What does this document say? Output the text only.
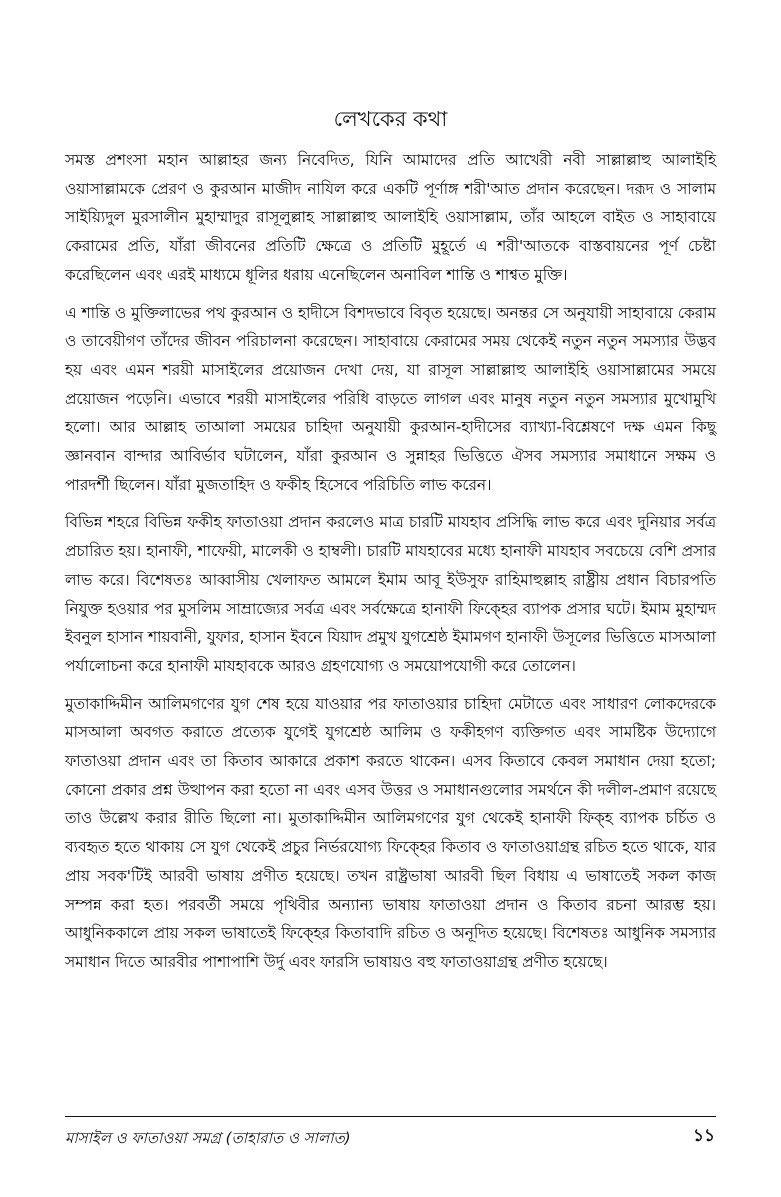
লেখকের কথা

সমস্ত প্রশংসা মহান আল্লাহর জন্য নিবেদিত, যিনি আমাদের প্রতি আখেরী নবী সাল্লাল্লাহু আলাইহি ওয়াসাল্লামকে প্রেরণ ও কুরআন মাজীদ নাযিল করে একটি পূর্ণাঙ্গ শরী'আত প্রদান করেছেন। দরূদ ও সালাম সাইয়্যিদুল মুরসালীন মুহাম্মাদুর রাসূলুল্লাহ সাল্লাল্লাহু আলাইহি ওয়াসাল্লাম, তাঁর আহলে বাইত ও সাহাবায়ে কেরামের প্রতি, যাঁরা জীবনের প্রতিটি ক্ষেত্রে ও প্রতিটি মুহূর্তে এ শরী'আতকে বাস্তবায়নের পূর্ণ চেষ্টা করেছিলেন এবং এরই মাধ্যমে ধূলির ধরায় এনেছিলেন অনাবিল শান্তি ও শাশ্বত মুক্তি।

এ শান্তি ও মুক্তিলাভের পথ কুরআন ও হাদীসে বিশদভাবে বিবৃত হয়েছে। অনন্তর সে অনুযায়ী সাহাবায়ে কেরাম ও তাবেয়ীগণ তাঁদের জীবন পরিচালনা করেছেন। সাহাবায়ে কেরামের সময় থেকেই নতুন নতুন সমস্যার উদ্ভব হয় এবং এমন শরয়ী মাসাইলের প্রয়োজন দেখা দেয়, যা রাসূল সাল্লাল্লাহু আলাইহি ওয়াসাল্লামের সময়ে প্রয়োজন পড়েনি। এভাবে শরয়ী মাসাইলের পরিধি বাড়তে লাগল এবং মানুষ নতুন নতুন সমস্যার মুখোমুখি হলো। আর আল্লাহ তাআলা সময়ের চাহিদা অনুযায়ী কুরআন-হাদীসের ব্যাখ্যা-বিশ্লেষণে দক্ষ এমন কিছু জ্ঞানবান বান্দার আবির্ভাব ঘটালেন, যাঁরা কুরআন ও সুন্নাহর ভিত্তিতে ঐসব সমস্যার সমাধানে সক্ষম ও পারদর্শী ছিলেন। যাঁরা মুজতাহিদ ও ফকীহ হিসেবে পরিচিতি লাভ করেন।

বিভিন্ন শহরে বিভিন্ন ফকীহ ফাতাওয়া প্রদান করলেও মাত্র চারটি মাযহাব প্রসিদ্ধি লাভ করে এবং দুনিয়ার সর্বত্র প্রচারিত হয়। হানাফী, শাফেয়ী, মালেকী ও হাম্বলী। চারটি মাযহাবের মধ্যে হানাফী মাযহাব সবচেয়ে বেশি প্রসার লাভ করে। বিশেষতঃ আব্বাসীয় খেলাফত আমলে ইমাম আবূ ইউসুফ রাহিমাহুল্লাহ রাষ্ট্রীয় প্রধান বিচারপতি নিযুক্ত হওয়ার পর মুসলিম সাম্রাজ্যের সর্বত্র এবং সর্বক্ষেত্রে হানাফী ফিক্হের ব্যাপক প্রসার ঘটে। ইমাম মুহাম্মদ ইবনুল হাসান শায়বানী, যুফার, হাসান ইবনে যিয়াদ প্রমুখ যুগশ্রেষ্ঠ ইমামগণ হানাফী উসূলের ভিত্তিতে মাসআলা পর্যালোচনা করে হানাফী মাযহাবকে আরও গ্রহণযোগ্য ও সময়োপযোগী করে তোলেন।

মুতাকাদ্দিমীন আলিমগণের যুগ শেষ হয়ে যাওয়ার পর ফাতাওয়ার চাহিদা মেটাতে এবং সাধারণ লোকদেরকে মাসআলা অবগত করাতে প্রত্যেক যুগেই যুগশ্রেষ্ঠ আলিম ও ফকীহগণ ব্যক্তিগত এবং সামষ্টিক উদ্যোগে ফাতাওয়া প্রদান এবং তা কিতাব আকারে প্রকাশ করতে থাকেন। এসব কিতাবে কেবল সমাধান দেয়া হতো; কোনো প্রকার প্রশ্ন উত্থাপন করা হতো না এবং এসব উত্তর ও সমাধানগুলোর সমর্থনে কী দলীল-প্রমাণ রয়েছে তাও উল্লেখ করার রীতি ছিলো না। মুতাকাদ্দিমীন আলিমগণের যুগ থেকেই হানাফী ফিক্হ ব্যাপক চর্চিত ও ব্যবহৃত হতে থাকায় সে যুগ থেকেই প্রচুর নির্ভরযোগ্য ফিক্হের কিতাব ও ফাতাওয়াগ্রন্থ রচিত হতে থাকে, যার প্রায় সবক'টিই আরবী ভাষায় প্রণীত হয়েছে। তখন রাষ্ট্রভাষা আরবী ছিল বিধায় এ ভাষাতেই সকল কাজ সম্পন্ন করা হত। পরবর্তী সময়ে পৃথিবীর অন্যান্য ভাষায় ফাতাওয়া প্রদান ও কিতাব রচনা আরম্ভ হয়। আধুনিককালে প্রায় সকল ভাষাতেই ফিক্হের কিতাবাদি রচিত ও অনূদিত হয়েছে। বিশেষতঃ আধুনিক সমস্যার সমাধান দিতে আরবীর পাশাপাশি উর্দু এবং ফারসি ভাষায়ও বহু ফাতাওয়াগ্রন্থ প্রণীত হয়েছে।

মাসাইল ও ফাতাওয়া সমগ্র (তাহারাত ও সালাত)	১১
